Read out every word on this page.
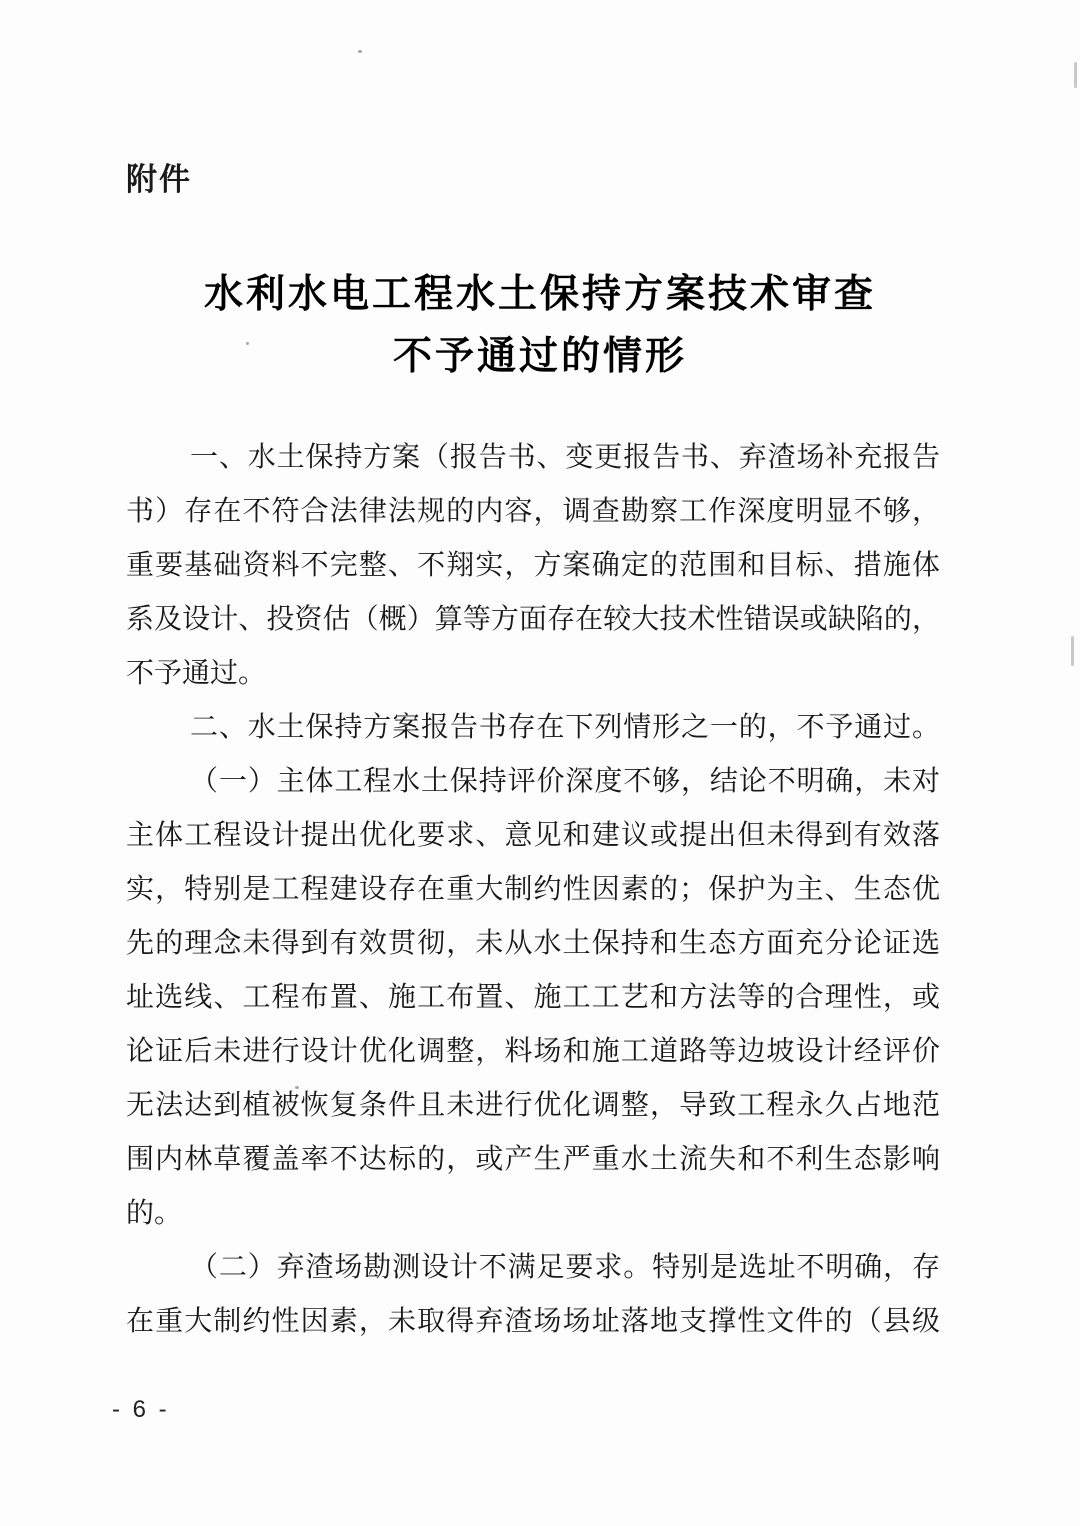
附件
水利水电工程水土保持方案技术审查
不予通过的情形
一、水土保持方案（报告书、变更报告书、弃渣场补充报告
书）存在不符合法律法规的内容，调查勘察工作深度明显不够，
重要基础资料不完整、不翔实，方案确定的范围和目标、措施体
系及设计、投资估（概）算等方面存在较大技术性错误或缺陷的，
不予通过。
二、水土保持方案报告书存在下列情形之一的，不予通过。
（一）主体工程水土保持评价深度不够，结论不明确，未对
主体工程设计提出优化要求、意见和建议或提出但未得到有效落
实，特别是工程建设存在重大制约性因素的；保护为主、生态优
先的理念未得到有效贯彻，未从水土保持和生态方面充分论证选
址选线、工程布置、施工布置、施工工艺和方法等的合理性，或
论证后未进行设计优化调整，料场和施工道路等边坡设计经评价
无法达到植被恢复条件且未进行优化调整，导致工程永久占地范
围内林草覆盖率不达标的，或产生严重水土流失和不利生态影响
的。
（二）弃渣场勘测设计不满足要求。特别是选址不明确，存
在重大制约性因素，未取得弃渣场场址落地支撑性文件的（县级
- 6 -
